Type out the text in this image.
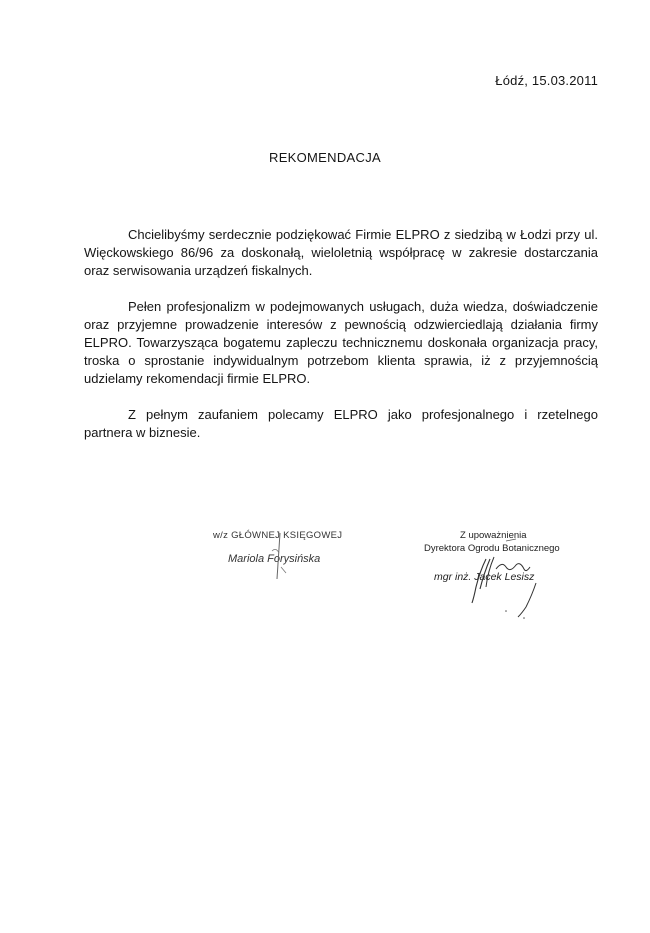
Łódź, 15.03.2011
REKOMENDACJA

Chcielibyśmy serdecznie podziękować Firmie ELPRO z siedzibą w Łodzi przy ul. Więckowskiego 86/96 za doskonałą, wieloletnią współpracę w zakresie dostarczania oraz serwisowania urządzeń fiskalnych.

Pełen profesjonalizm w podejmowanych usługach, duża wiedza, doświadczenie oraz przyjemne prowadzenie interesów z pewnością odzwierciedlają działania firmy ELPRO. Towarzysząca bogatemu zapleczu technicznemu doskonała organizacja pracy, troska o sprostanie indywidualnym potrzebom klienta sprawia, iż z przyjemnością udzielamy rekomendacji firmie ELPRO.

Z pełnym zaufaniem polecamy ELPRO jako profesjonalnego i rzetelnego partnera w biznesie.

w/z GŁÓWNEJ KSIĘGOWEJ
Mariola Forysińska
Z upoważnienia
Dyrektora Ogrodu Botanicznego
mgr inż. Jacek Lesisz
